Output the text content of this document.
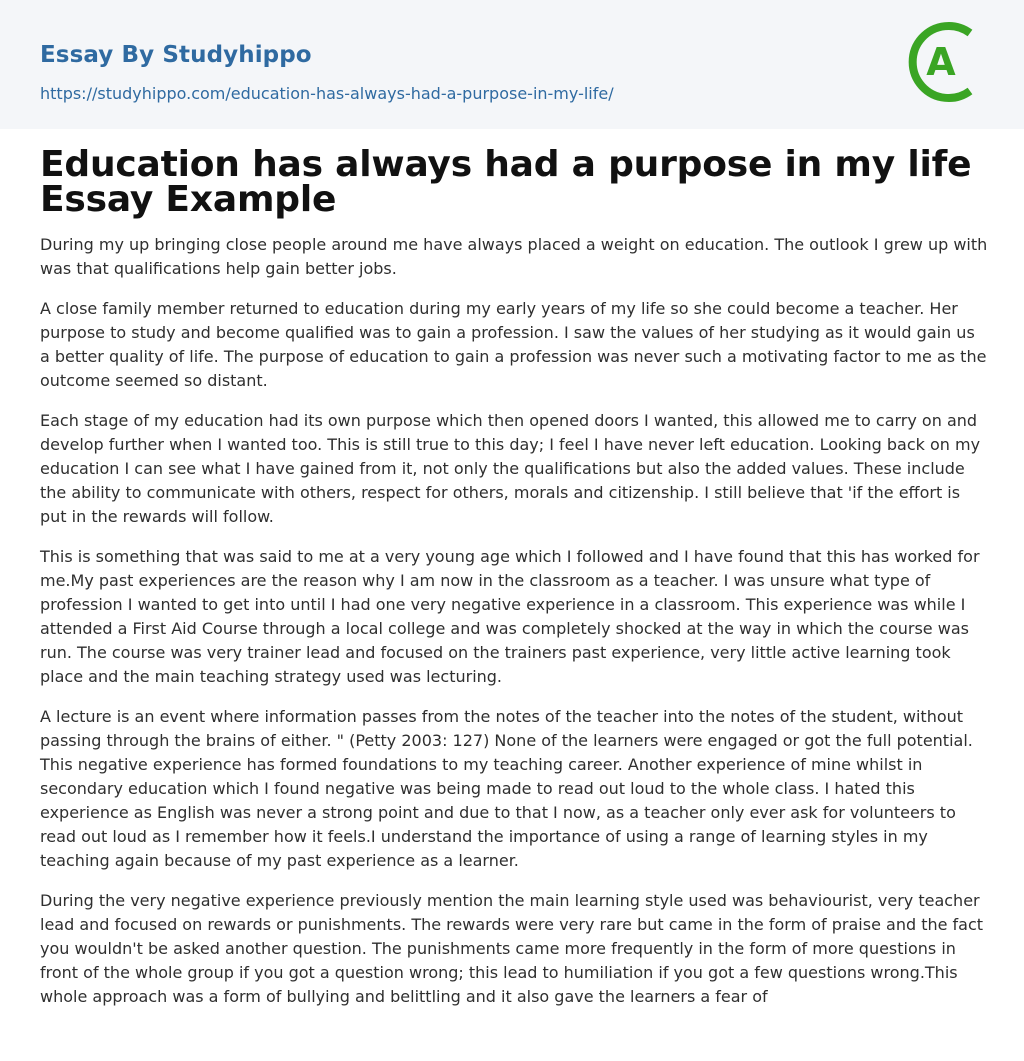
Essay By Studyhippo
https://studyhippo.com/education-has-always-had-a-purpose-in-my-life/
A
Education has always had a purpose in my life
Essay Example

During my up bringing close people around me have always placed a weight on education. The outlook I grew up with was that qualifications help gain better jobs.

A close family member returned to education during my early years of my life so she could become a teacher. Her purpose to study and become qualified was to gain a profession. I saw the values of her studying as it would gain us a better quality of life. The purpose of education to gain a profession was never such a motivating factor to me as the outcome seemed so distant.

Each stage of my education had its own purpose which then opened doors I wanted, this allowed me to carry on and develop further when I wanted too. This is still true to this day; I feel I have never left education. Looking back on my education I can see what I have gained from it, not only the qualifications but also the added values. These include the ability to communicate with others, respect for others, morals and citizenship. I still believe that 'if the effort is put in the rewards will follow.

This is something that was said to me at a very young age which I followed and I have found that this has worked for me.My past experiences are the reason why I am now in the classroom as a teacher. I was unsure what type of profession I wanted to get into until I had one very negative experience in a classroom. This experience was while I attended a First Aid Course through a local college and was completely shocked at the way in which the course was run. The course was very trainer lead and focused on the trainers past experience, very little active learning took place and the main teaching strategy used was lecturing.

A lecture is an event where information passes from the notes of the teacher into the notes of the student, without passing through the brains of either. " (Petty 2003: 127) None of the learners were engaged or got the full potential. This negative experience has formed foundations to my teaching career. Another experience of mine whilst in secondary education which I found negative was being made to read out loud to the whole class. I hated this experience as English was never a strong point and due to that I now, as a teacher only ever ask for volunteers to read out loud as I remember how it feels.I understand the importance of using a range of learning styles in my teaching again because of my past experience as a learner.

During the very negative experience previously mention the main learning style used was behaviourist, very teacher lead and focused on rewards or punishments. The rewards were very rare but came in the form of praise and the fact you wouldn't be asked another question. The punishments came more frequently in the form of more questions in front of the whole group if you got a question wrong; this lead to humiliation if you got a few questions wrong.This whole approach was a form of bullying and belittling and it also gave the learners a fear of
